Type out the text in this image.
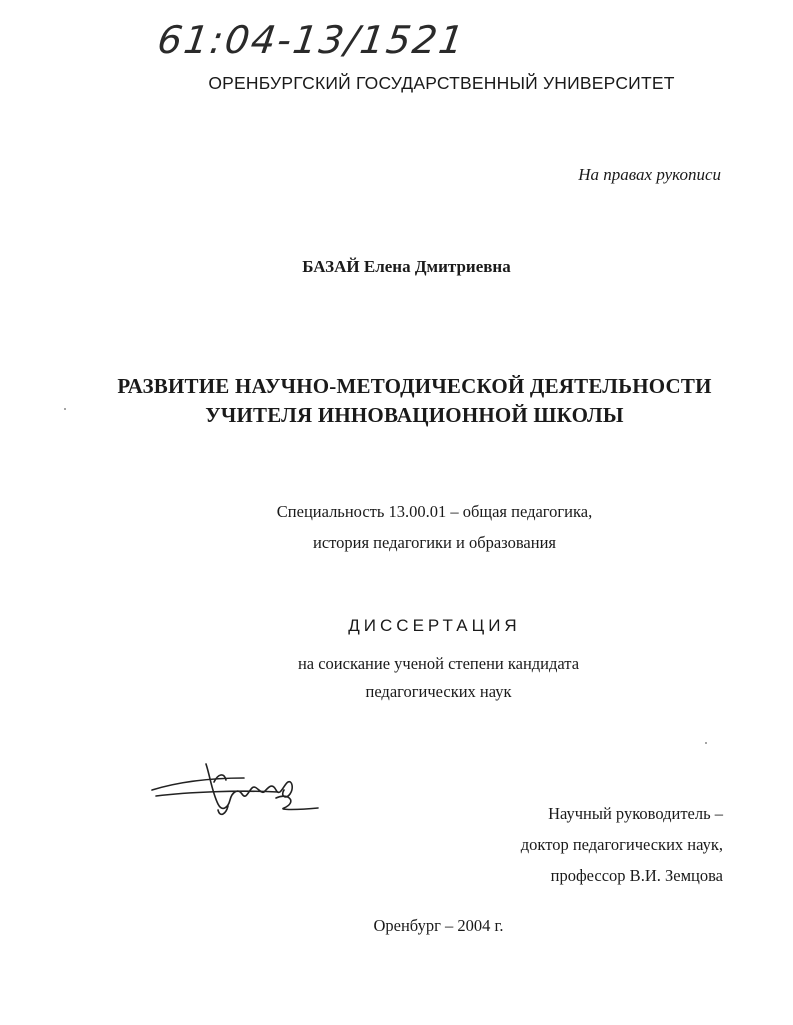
61:04-13/1521
ОРЕНБУРГСКИЙ ГОСУДАРСТВЕННЫЙ УНИВЕРСИТЕТ
На правах рукописи
БАЗАЙ Елена Дмитриевна
РАЗВИТИЕ НАУЧНО-МЕТОДИЧЕСКОЙ ДЕЯТЕЛЬНОСТИ
УЧИТЕЛЯ ИННОВАЦИОННОЙ ШКОЛЫ
Специальность 13.00.01 – общая педагогика,
история педагогики и образования
ДИССЕРТАЦИЯ
на соискание ученой степени кандидата
педагогических наук
Научный руководитель –
доктор педагогических наук,
профессор В.И. Земцова
Оренбург – 2004 г.
